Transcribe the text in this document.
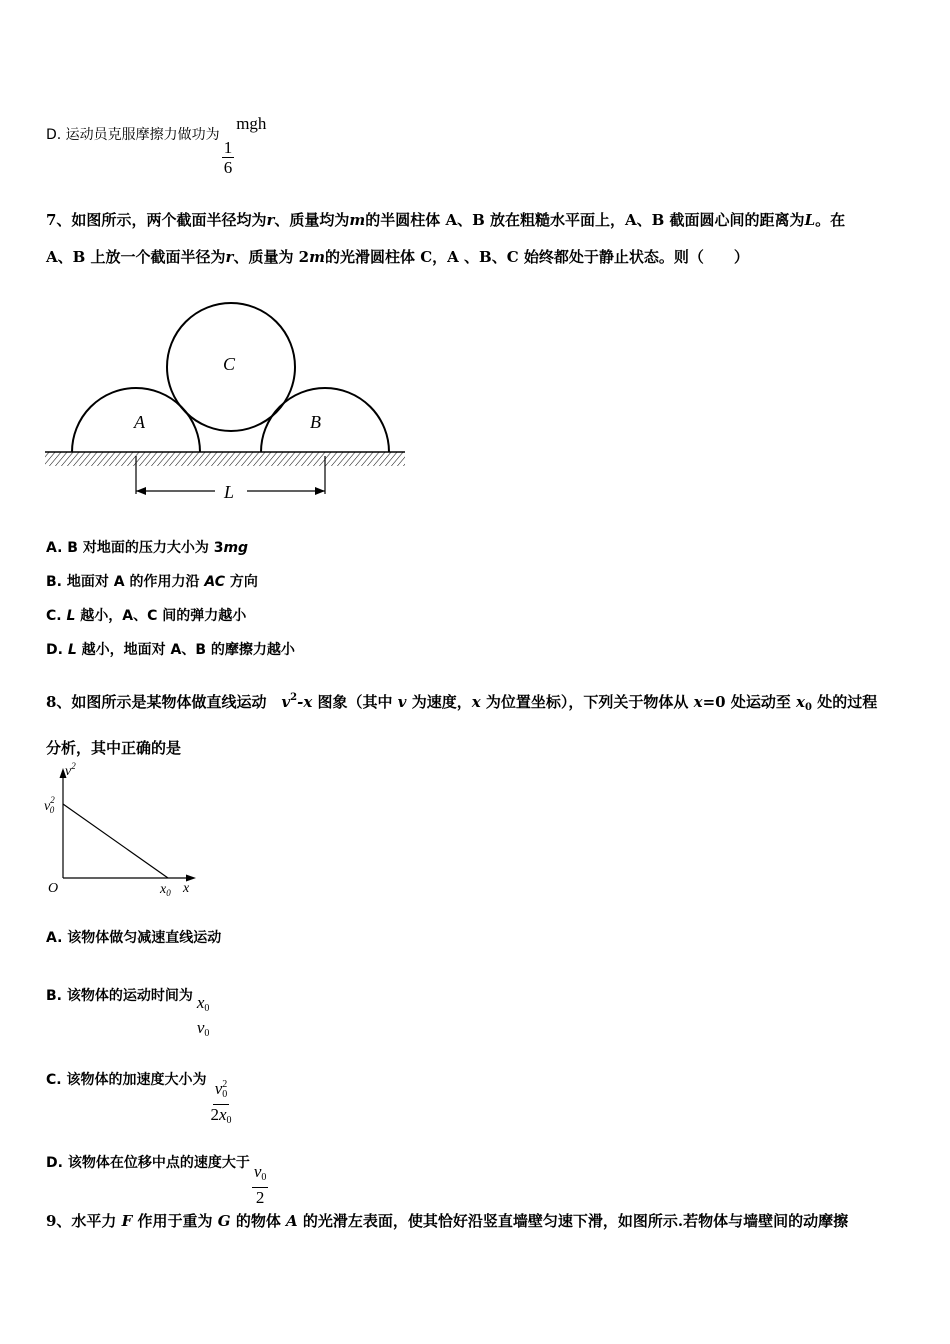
D. 运动员克服摩擦力做功为
$\frac{1}{6}$
mgh
7、如图所示，两个截面半径均为r、质量均为m的半圆柱体 A、B 放在粗糙水平面上，A、B 截面圆心间的距离为L。在
A、B 上放一个截面半径为r、质量为 2m的光滑圆柱体 C，A 、B、C 始终都处于静止状态。则（　　）
A	B
C
L
A. B 对地面的压力大小为 3mg
B. 地面对 A 的作用力沿 AC 方向
C. L 越小，A、C 间的弹力越小
D. L 越小，地面对 A、B 的摩擦力越小
8、如图所示是某物体做直线运动　$v^2-x$ 图象（其中 v 为速度，x 为位置坐标），下列关于物体从 x=0 处运动至 $x_0$ 处的过程
分析，其中正确的是
$v^2$
$v^2$ 0
O	$x_0$ x
A. 该物体做匀减速直线运动
B. 该物体的运动时间为 $x_0$
$v_0$
C. 该物体的加速度大小为 $\frac{v^2_0}{2x_0}$
D. 该物体在位移中点的速度大于 $\frac{v_0}{2}$
9、水平力 F 作用于重为 G 的物体 A 的光滑左表面，使其恰好沿竖直墙壁匀速下滑，如图所示.若物体与墙壁间的动摩擦
